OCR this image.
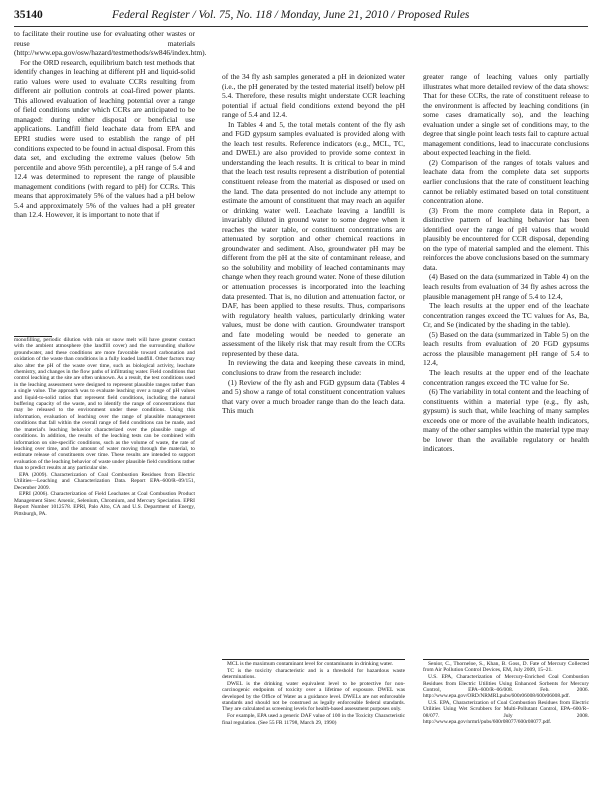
35140	Federal Register / Vol. 75, No. 118 / Monday, June 21, 2010 / Proposed Rules

to facilitate their routine use for evaluating other wastes or reuse materials (http://www.epa.gov/osw/hazard/testmethods/sw846/index.htm).

For the ORD research, equilibrium batch test methods that identify changes in leaching at different pH and liquid-solid ratio values were used to evaluate CCRs resulting from different air pollution controls at coal-fired power plants. This allowed evaluation of leaching potential over a range of field conditions under which CCRs are anticipated to be managed: during either disposal or beneficial use applications. Landfill field leachate data from EPA and EPRI studies were used to establish the range of pH conditions expected to be found in actual disposal. From this data set, and excluding the extreme values (below 5th percentile and above 95th percentile), a pH range of 5.4 and 12.4 was determined to represent the range of plausible management conditions (with regard to pH) for CCRs. This means that approximately 5% of the values had a pH below 5.4 and approximately 5% of the values had a pH greater than 12.4. However, it is important to note that if

monofilling, periodic dilution with rain or snow melt will have greater contact with the ambient atmosphere (the landfill cover) and the surrounding shallow groundwater, and these conditions are more favorable toward carbonation and oxidation of the waste than conditions in a fully loaded landfill. Other factors may also alter the pH of the waste over time, such as biological activity, leachate chemistry, and changes in the flow paths of infiltrating water. Field conditions that control leaching at the site are often unknown. As a result, the test conditions used in the leaching assessment were designed to represent plausible ranges rather than a single value. The approach was to evaluate leaching over a range of pH values and liquid-to-solid ratios that represent field conditions, including the natural buffering capacity of the waste, and to identify the range of concentrations that may be released to the environment under these conditions. Using this information, evaluation of leaching over the range of plausible management conditions that fall within the overall range of field conditions can be made, and the material's leaching behavior characterized over the plausible range of conditions. In addition, the results of the leaching tests can be combined with information on site-specific conditions, such as the volume of waste, the rate of leaching over time, and the amount of water moving through the material, to estimate release of constituents over time. These results are intended to support evaluation of the leaching behavior of waste under plausible field conditions rather than to predict results at any particular site.

EPA (2009). Characterization of Coal Combustion Residues from Electric Utilities—Leaching and Characterization Data. Report EPA–600/R–09/151, December 2009.

EPRI (2006). Characterization of Field Leachates at Coal Combustion Product Management Sites: Arsenic, Selenium, Chromium, and Mercury Speciation. EPRI Report Number 1012578. EPRI, Palo Alto, CA and U.S. Department of Energy, Pittsburgh, PA.

of the 34 fly ash samples generated a pH in deionized water (i.e., the pH generated by the tested material itself) below pH 5.4. Therefore, these results might understate CCR leaching potential if actual field conditions extend beyond the pH range of 5.4 and 12.4.

In Tables 4 and 5, the total metals content of the fly ash and FGD gypsum samples evaluated is provided along with the leach test results. Reference indicators (e.g., MCL, TC, and DWEL) are also provided to provide some context in understanding the leach results. It is critical to bear in mind that the leach test results represent a distribution of potential constituent release from the material as disposed or used on the land. The data presented do not include any attempt to estimate the amount of constituent that may reach an aquifer or drinking water well. Leachate leaving a landfill is invariably diluted in ground water to some degree when it reaches the water table, or constituent concentrations are attenuated by sorption and other chemical reactions in groundwater and sediment. Also, groundwater pH may be different from the pH at the site of contaminant release, and so the solubility and mobility of leached contaminants may change when they reach ground water. None of these dilution or attenuation processes is incorporated into the leaching data presented. That is, no dilution and attenuation factor, or DAF, has been applied to these results. Thus, comparisons with regulatory health values, particularly drinking water values, must be done with caution. Groundwater transport and fate modeling would be needed to generate an assessment of the likely risk that may result from the CCRs represented by these data.

In reviewing the data and keeping these caveats in mind, conclusions to draw from the research include:

(1) Review of the fly ash and FGD gypsum data (Tables 4 and 5) show a range of total constituent concentration values that vary over a much broader range than do the leach data. This much

MCL is the maximum contaminant level for contaminants in drinking water.

TC is the toxicity characteristic and is a threshold for hazardous waste determinations.

DWEL is the drinking water equivalent level to be protective for non-carcinogenic endpoints of toxicity over a lifetime of exposure. DWEL was developed by the Office of Water as a guidance level. DWELs are not enforceable standards and should not be construed as legally enforceable federal standards. They are calculated as screening levels for health-based assessment purposes only.

For example, EPA used a generic DAF value of 100 in the Toxicity Characteristic final regulation. (See 55 FR 11798, March 29, 1990)

greater range of leaching values only partially illustrates what more detailed review of the data shows: That for these CCRs, the rate of constituent release to the environment is affected by leaching conditions (in some cases dramatically so), and the leaching evaluation under a single set of conditions may, to the degree that single point leach tests fail to capture actual management conditions, lead to inaccurate conclusions about expected leaching in the field.

(2) Comparison of the ranges of totals values and leachate data from the complete data set supports earlier conclusions that the rate of constituent leaching cannot be reliably estimated based on total constituent concentration alone.

(3) From the more complete data in Report, a distinctive pattern of leaching behavior has been identified over the range of pH values that would plausibly be encountered for CCR disposal, depending on the type of material sampled and the element. This reinforces the above conclusions based on the summary data.

(4) Based on the data (summarized in Table 4) on the leach results from evaluation of 34 fly ashes across the plausible management pH range of 5.4 to 12.4,

The leach results at the upper end of the leachate concentration ranges exceed the TC values for As, Ba, Cr, and Se (indicated by the shading in the table).

(5) Based on the data (summarized in Table 5) on the leach results from evaluation of 20 FGD gypsums across the plausible management pH range of 5.4 to 12.4,

The leach results at the upper end of the leachate concentration ranges exceed the TC value for Se.

(6) The variability in total content and the leaching of constituents within a material type (e.g., fly ash, gypsum) is such that, while leaching of many samples exceeds one or more of the available health indicators, many of the other samples within the material type may be lower than the available regulatory or health indicators.

Senior, C., Thorneloe, S., Khan, B. Goss, D. Fate of Mercury Collected from Air Pollution Control Devices, EM, July 2009, 15–21.

U.S. EPA, Characterization of Mercury-Enriched Coal Combustion Residues from Electric Utilities Using Enhanced Sorbents for Mercury Control, EPA–600/R–06/008. Feb. 2006. http://www.epa.gov/ORD/NRMRLpubs/600r06008/600r06008.pdf.

U.S. EPA, Characterization of Coal Combustion Residues from Electric Utilities Using Wet Scrubbers for Multi-Pollutant Control, EPA–600/R–08/077. July 2008. http://www.epa.gov/nrmrl/pubs/600r08077/600r08077.pdf.
